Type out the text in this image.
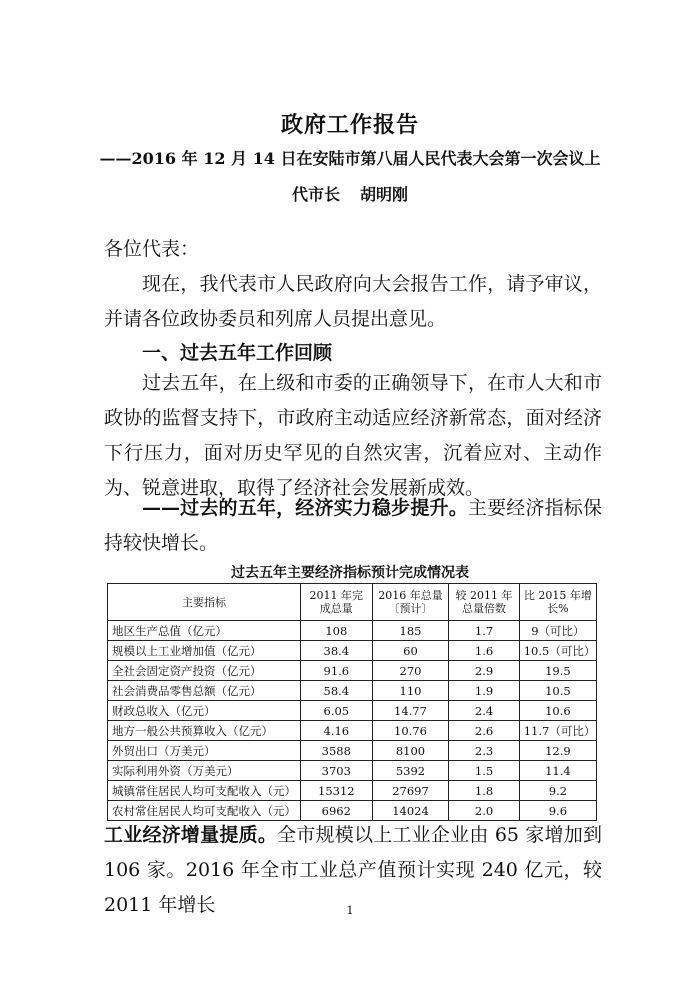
政府工作报告
——2016 年 12 月 14 日在安陆市第八届人民代表大会第一次会议上
代市长 胡明刚
各位代表：
现在，我代表市人民政府向大会报告工作，请予审议，并请各位政协委员和列席人员提出意见。
一、过去五年工作回顾
过去五年，在上级和市委的正确领导下，在市人大和市政协的监督支持下，市政府主动适应经济新常态，面对经济下行压力，面对历史罕见的自然灾害，沉着应对、主动作为、锐意进取，取得了经济社会发展新成效。
——过去的五年，经济实力稳步提升。主要经济指标保持较快增长。
过去五年主要经济指标预计完成情况表
主要指标	2011 年完成总量	2016 年总量〔预计〕	较 2011 年总量倍数	比 2015 年增长%
地区生产总值（亿元）	108	185	1.7	9（可比）
规模以上工业增加值（亿元）	38.4	60	1.6	10.5（可比）
全社会固定资产投资（亿元）	91.6	270	2.9	19.5
社会消费品零售总额（亿元）	58.4	110	1.9	10.5
财政总收入（亿元）	6.05	14.77	2.4	10.6
地方一般公共预算收入（亿元）	4.16	10.76	2.6	11.7（可比）
外贸出口（万美元）	3588	8100	2.3	12.9
实际利用外资（万美元）	3703	5392	1.5	11.4
城镇常住居民人均可支配收入（元）	15312	27697	1.8	9.2
农村常住居民人均可支配收入（元）	6962	14024	2.0	9.6
工业经济增量提质。全市规模以上工业企业由 65 家增加到 106 家。2016 年全市工业总产值预计实现 240 亿元，较 2011 年增长	1
